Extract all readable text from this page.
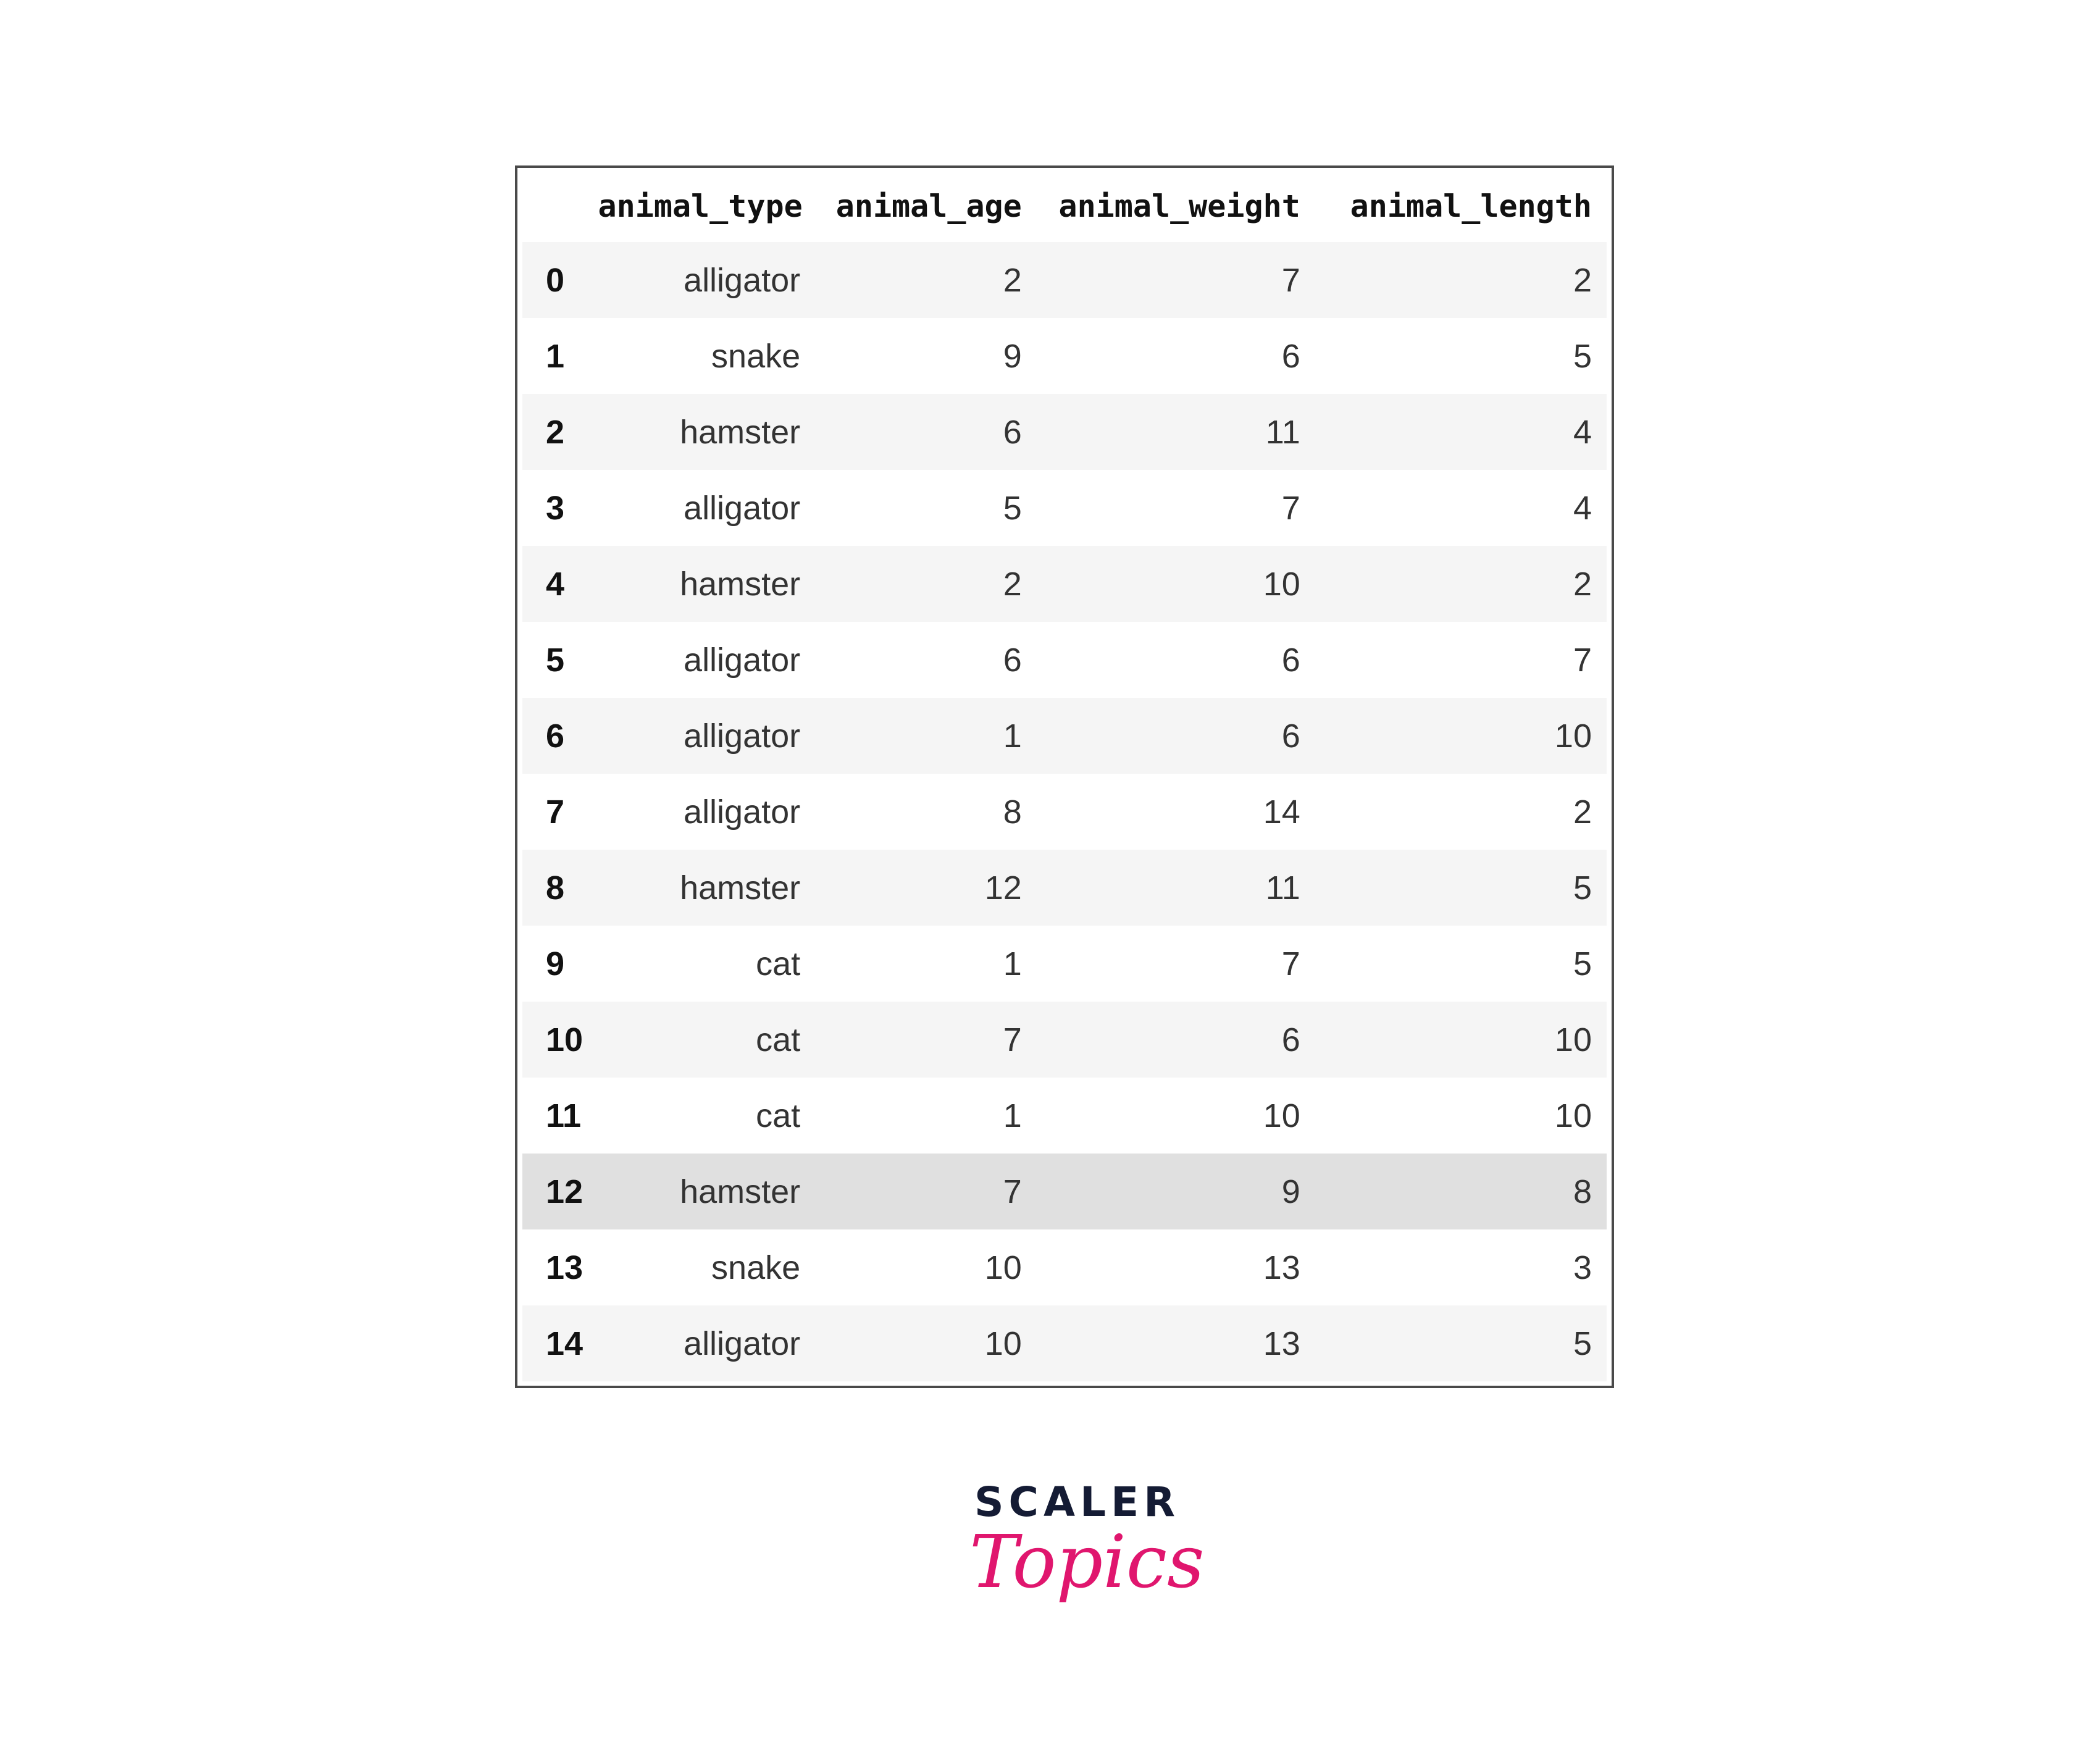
	animal_type	animal_age	animal_weight	animal_length
0	alligator	2	7	2
1	snake	9	6	5
2	hamster	6	11	4
3	alligator	5	7	4
4	hamster	2	10	2
5	alligator	6	6	7
6	alligator	1	6	10
7	alligator	8	14	2
8	hamster	12	11	5
9	cat	1	7	5
10	cat	7	6	10
11	cat	1	10	10
12	hamster	7	9	8
13	snake	10	13	3
14	alligator	10	13	5
SCALER
Topics
